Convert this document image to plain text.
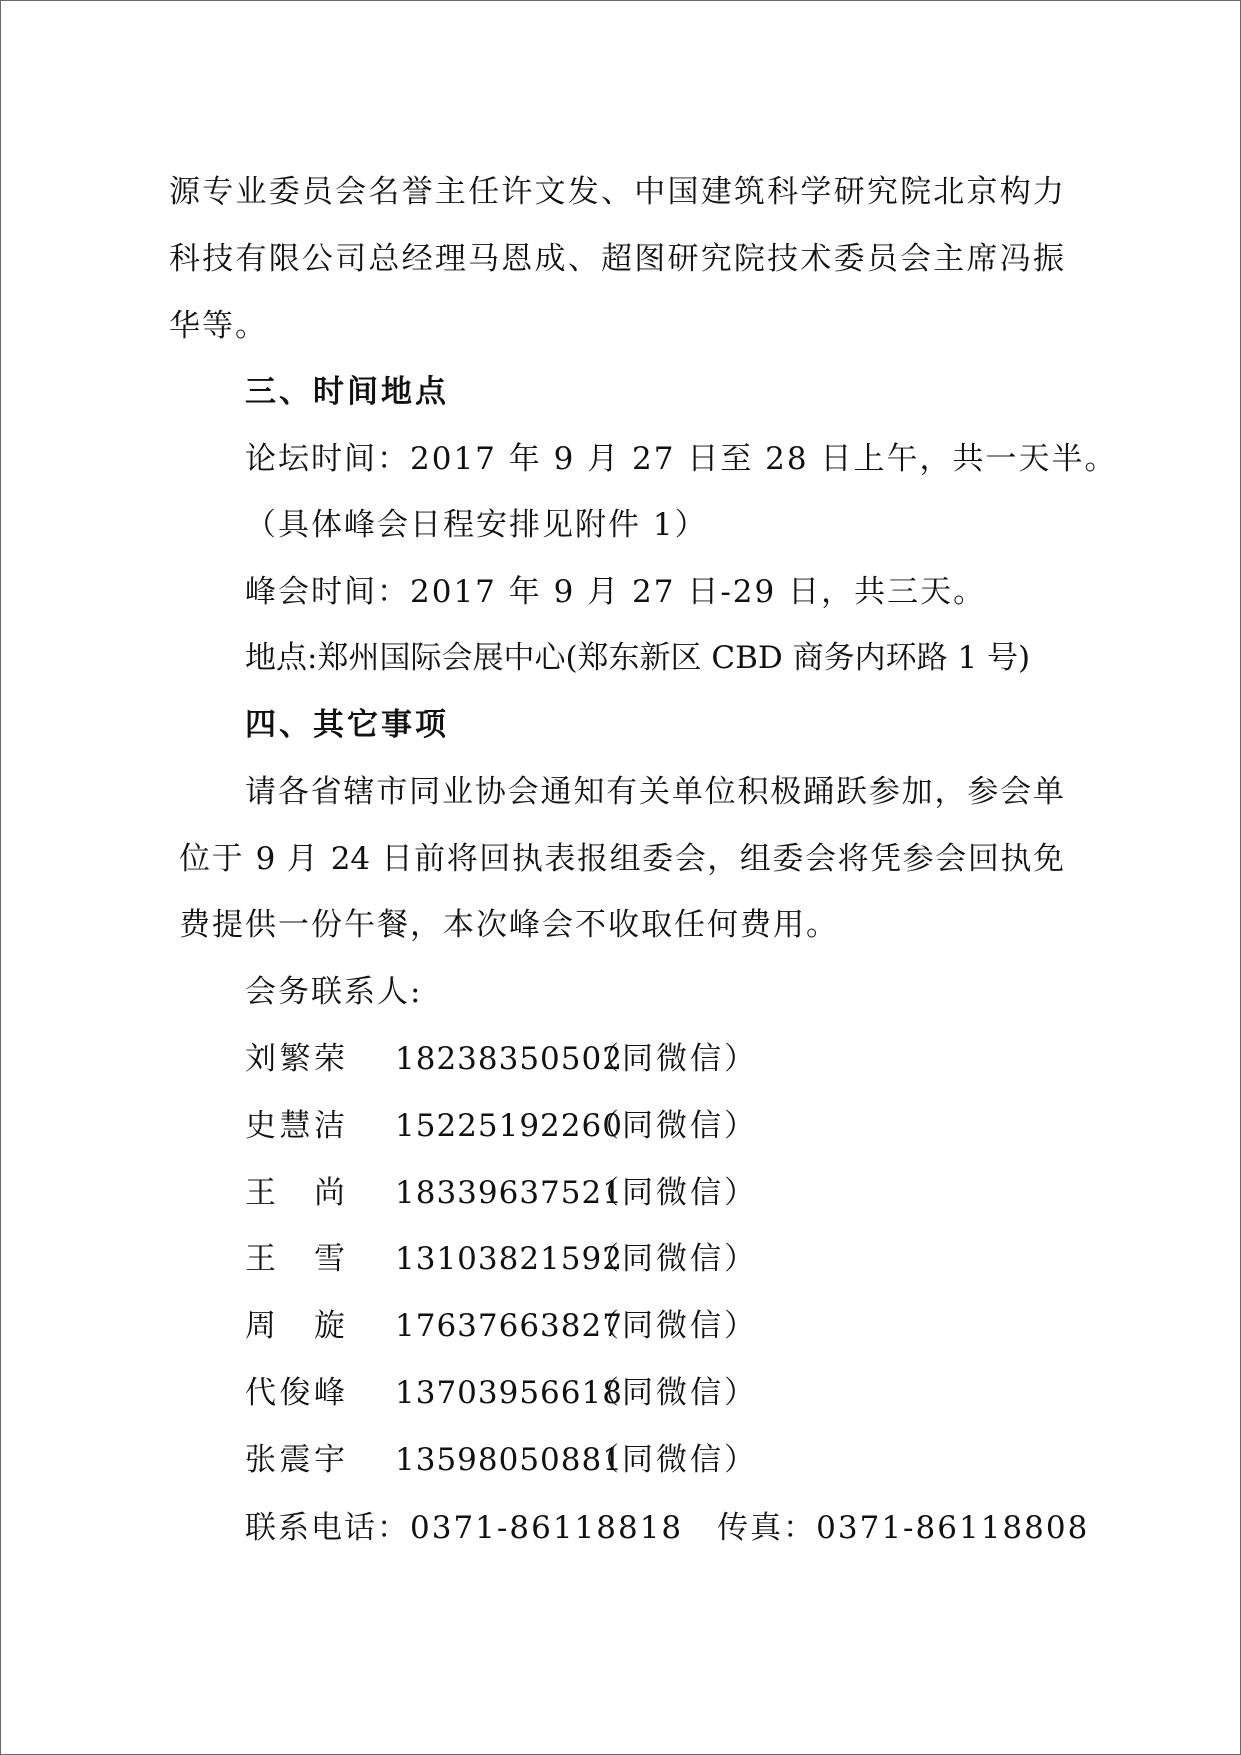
源专业委员会名誉主任许文发、中国建筑科学研究院北京构力
科技有限公司总经理马恩成、超图研究院技术委员会主席冯振
华等。
三、时间地点
论坛时间：2017 年 9 月 27 日至 28 日上午，共一天半。
（具体峰会日程安排见附件 1）
峰会时间：2017 年 9 月 27 日-29 日，共三天。
地点:郑州国际会展中心(郑东新区 CBD 商务内环路 1 号)
四、其它事项
请各省辖市同业协会通知有关单位积极踊跃参加，参会单
位于 9 月 24 日前将回执表报组委会，组委会将凭参会回执免
费提供一份午餐，本次峰会不收取任何费用。
会务联系人:
刘繁荣 18238350502
（同微信）
史慧洁 15225192260
（同微信）
王尚 18339637521
（同微信）
王雪 13103821592
（同微信）
周旋 17637663827
（同微信）
代俊峰 13703956618
（同微信）
张震宇 13598050881
（同微信）
联系电话：0371-86118818 传真：0371-86118808
